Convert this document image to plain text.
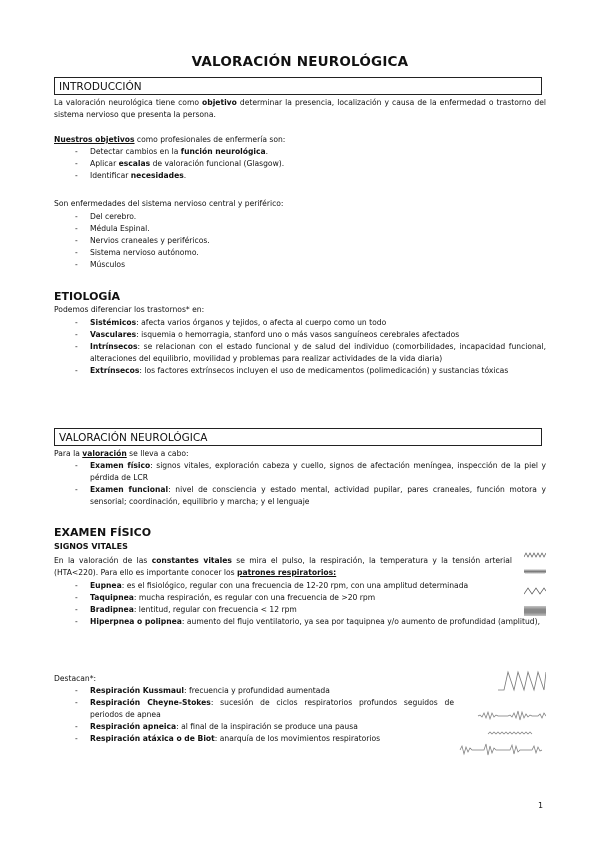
VALORACIÓN NEUROLÓGICA
INTRODUCCIÓN
La valoración neurológica tiene como objetivo determinar la presencia, localización y causa de la enfermedad o trastorno del sistema nervioso que presenta la persona.
Nuestros objetivos como profesionales de enfermería son:
- Detectar cambios en la función neurológica.
- Aplicar escalas de valoración funcional (Glasgow).
- Identificar necesidades.
Son enfermedades del sistema nervioso central y periférico:
- Del cerebro.
- Médula Espinal.
- Nervios craneales y periféricos.
- Sistema nervioso autónomo.
- Músculos
ETIOLOGÍA
Podemos diferenciar los trastornos* en:
- Sistémicos: afecta varios órganos y tejidos, o afecta al cuerpo como un todo
- Vasculares: isquemia o hemorragia, stanford uno o más vasos sanguíneos cerebrales afectados
- Intrínsecos: se relacionan con el estado funcional y de salud del individuo (comorbilidades, incapacidad funcional, alteraciones del equilibrio, movilidad y problemas para realizar actividades de la vida diaria)
- Extrínsecos: los factores extrínsecos incluyen el uso de medicamentos (polimedicación) y sustancias tóxicas
VALORACIÓN NEUROLÓGICA
Para la valoración se lleva a cabo:
- Examen físico: signos vitales, exploración cabeza y cuello, signos de afectación meníngea, inspección de la piel y pérdida de LCR
- Examen funcional: nivel de consciencia y estado mental, actividad pupilar, pares craneales, función motora y sensorial; coordinación, equilibrio y marcha; y el lenguaje
EXAMEN FÍSICO
SIGNOS VITALES
En la valoración de las constantes vitales se mira el pulso, la respiración, la temperatura y la tensión arterial (HTA<220). Para ello es importante conocer los patrones respiratorios:
- Eupnea: es el fisiológico, regular con una frecuencia de 12-20 rpm, con una amplitud determinada
- Taquipnea: mucha respiración, es regular con una frecuencia de >20 rpm
- Bradipnea: lentitud, regular con frecuencia < 12 rpm
- Hiperpnea o polipnea: aumento del flujo ventilatorio, ya sea por taquipnea y/o aumento de profundidad (amplitud),
Destacan*:
- Respiración Kussmaul: frecuencia y profundidad aumentada
- Respiración Cheyne-Stokes: sucesión de ciclos respiratorios profundos seguidos de periodos de apnea
- Respiración apneica: al final de la inspiración se produce una pausa
- Respiración atáxica o de Biot: anarquía de los movimientos respiratorios
1
